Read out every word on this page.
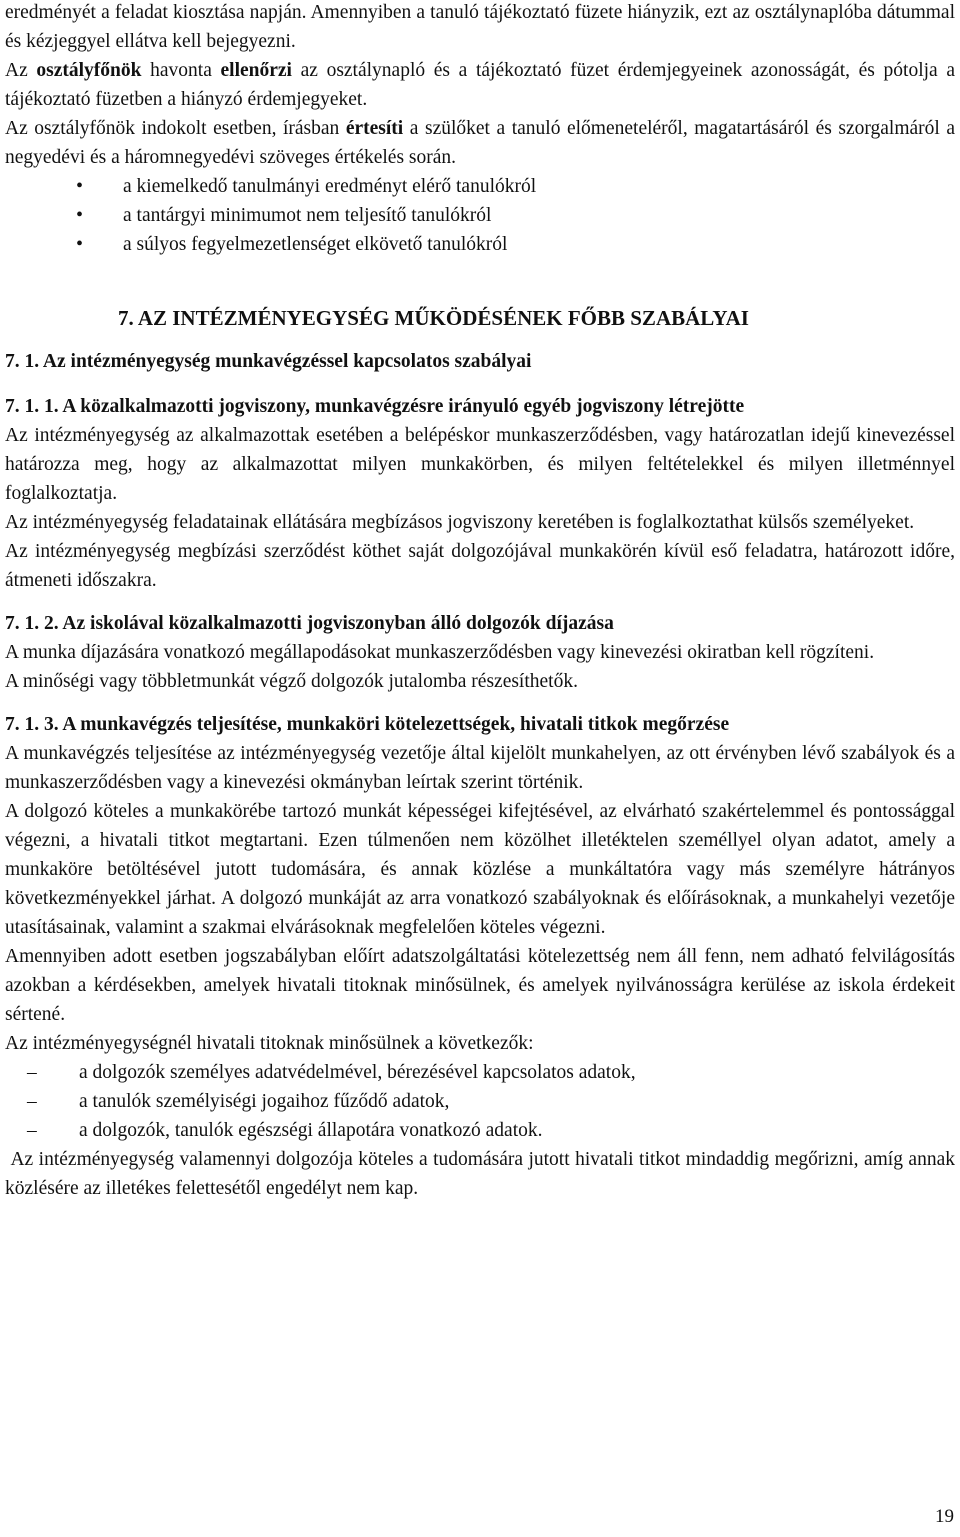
eredményét a feladat kiosztása napján. Amennyiben a tanuló tájékoztató füzete hiányzik, ezt az osztálynaplóba dátummal és kézjeggyel ellátva kell bejegyezni.

Az osztályfőnök havonta ellenőrzi az osztálynapló és a tájékoztató füzet érdemjegyeinek azonosságát, és pótolja a tájékoztató füzetben a hiányzó érdemjegyeket.

Az osztályfőnök indokolt esetben, írásban értesíti a szülőket a tanuló előmeneteléről, magatartásáról és szorgalmáról a negyedévi és a háromnegyedévi szöveges értékelés során.

• a kiemelkedő tanulmányi eredményt elérő tanulókról
• a tantárgyi minimumot nem teljesítő tanulókról
• a súlyos fegyelmezetlenséget elkövető tanulókról

7. AZ INTÉZMÉNYEGYSÉG MŰKÖDÉSÉNEK FŐBB SZABÁLYAI

7. 1. Az intézményegység munkavégzéssel kapcsolatos szabályai

7. 1. 1. A közalkalmazotti jogviszony, munkavégzésre irányuló egyéb jogviszony létrejötte

Az intézményegység az alkalmazottak esetében a belépéskor munkaszerződésben, vagy határozatlan idejű kinevezéssel határozza meg, hogy az alkalmazottat milyen munkakörben, és milyen feltételekkel és milyen illetménnyel foglalkoztatja.

Az intézményegység feladatainak ellátására megbízásos jogviszony keretében is foglalkoztathat külsős személyeket.

Az intézményegység megbízási szerződést köthet saját dolgozójával munkakörén kívül eső feladatra, határozott időre, átmeneti időszakra.

7. 1. 2. Az iskolával közalkalmazotti jogviszonyban álló dolgozók díjazása

A munka díjazására vonatkozó megállapodásokat munkaszerződésben vagy kinevezési okiratban kell rögzíteni.

A minőségi vagy többletmunkát végző dolgozók jutalomba részesíthetők.

7. 1. 3. A munkavégzés teljesítése, munkaköri kötelezettségek, hivatali titkok megőrzése

A munkavégzés teljesítése az intézményegység vezetője által kijelölt munkahelyen, az ott érvényben lévő szabályok és a munkaszerződésben vagy a kinevezési okmányban leírtak szerint történik.

A dolgozó köteles a munkakörébe tartozó munkát képességei kifejtésével, az elvárható szakértelemmel és pontossággal végezni, a hivatali titkot megtartani. Ezen túlmenően nem közölhet illetéktelen személlyel olyan adatot, amely a munkaköre betöltésével jutott tudomására, és annak közlése a munkáltatóra vagy más személyre hátrányos következményekkel járhat. A dolgozó munkáját az arra vonatkozó szabályoknak és előírásoknak, a munkahelyi vezetője utasításainak, valamint a szakmai elvárásoknak megfelelően köteles végezni.

Amennyiben adott esetben jogszabályban előírt adatszolgáltatási kötelezettség nem áll fenn, nem adható felvilágosítás azokban a kérdésekben, amelyek hivatali titoknak minősülnek, és amelyek nyilvánosságra kerülése az iskola érdekeit sértené.

Az intézményegységnél hivatali titoknak minősülnek a következők:

– a dolgozók személyes adatvédelmével, bérezésével kapcsolatos adatok,
– a tanulók személyiségi jogaihoz fűződő adatok,
– a dolgozók, tanulók egészségi állapotára vonatkozó adatok.

Az intézményegység valamennyi dolgozója köteles a tudomására jutott hivatali titkot mindaddig megőrizni, amíg annak közlésére az illetékes felettesétől engedélyt nem kap.

19
